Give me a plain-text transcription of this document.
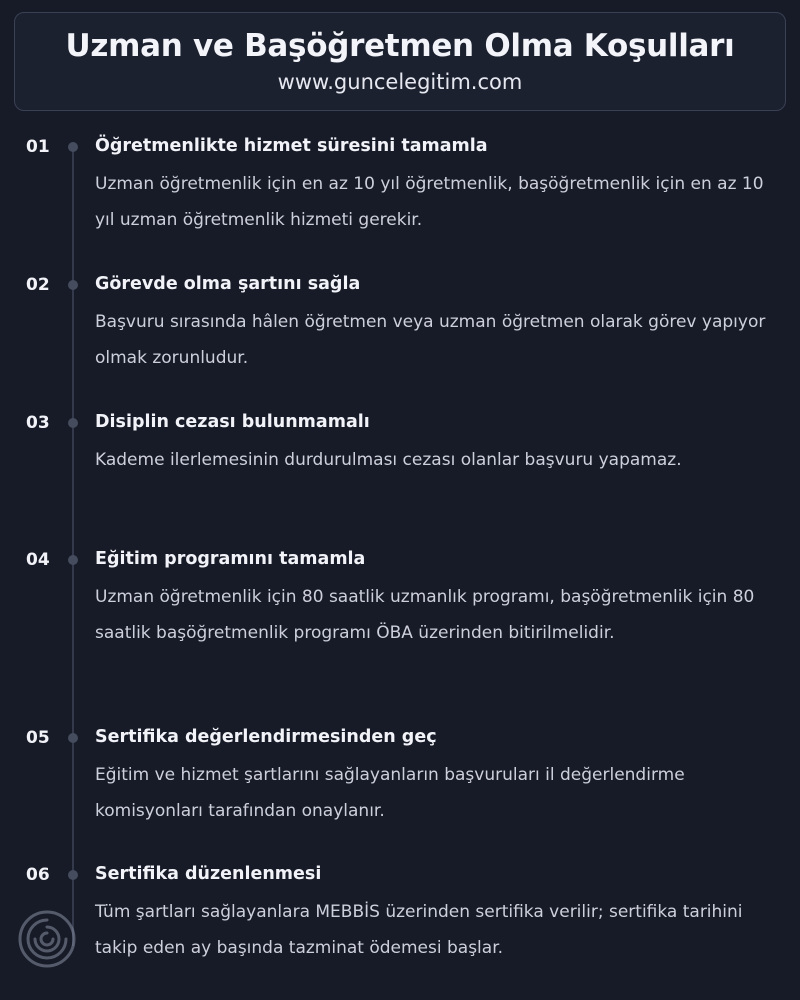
Uzman ve Başöğretmen Olma Koşulları
www.guncelegitim.com
01	Öğretmenlikte hizmet süresini tamamla

Uzman öğretmenlik için en az 10 yıl öğretmenlik, başöğretmenlik için en az 10 yıl uzman öğretmenlik hizmeti gerekir.

02	Görevde olma şartını sağla

Başvuru sırasında hâlen öğretmen veya uzman öğretmen olarak görev yapıyor olmak zorunludur.

03	Disiplin cezası bulunmamalı

Kademe ilerlemesinin durdurulması cezası olanlar başvuru yapamaz.

04	Eğitim programını tamamla

Uzman öğretmenlik için 80 saatlik uzmanlık programı, başöğretmenlik için 80 saatlik başöğretmenlik programı ÖBA üzerinden bitirilmelidir.

05	Sertifika değerlendirmesinden geç

Eğitim ve hizmet şartlarını sağlayanların başvuruları il değerlendirme komisyonları tarafından onaylanır.

06	Sertifika düzenlenmesi

Tüm şartları sağlayanlara MEBBİS üzerinden sertifika verilir; sertifika tarihini takip eden ay başında tazminat ödemesi başlar.
